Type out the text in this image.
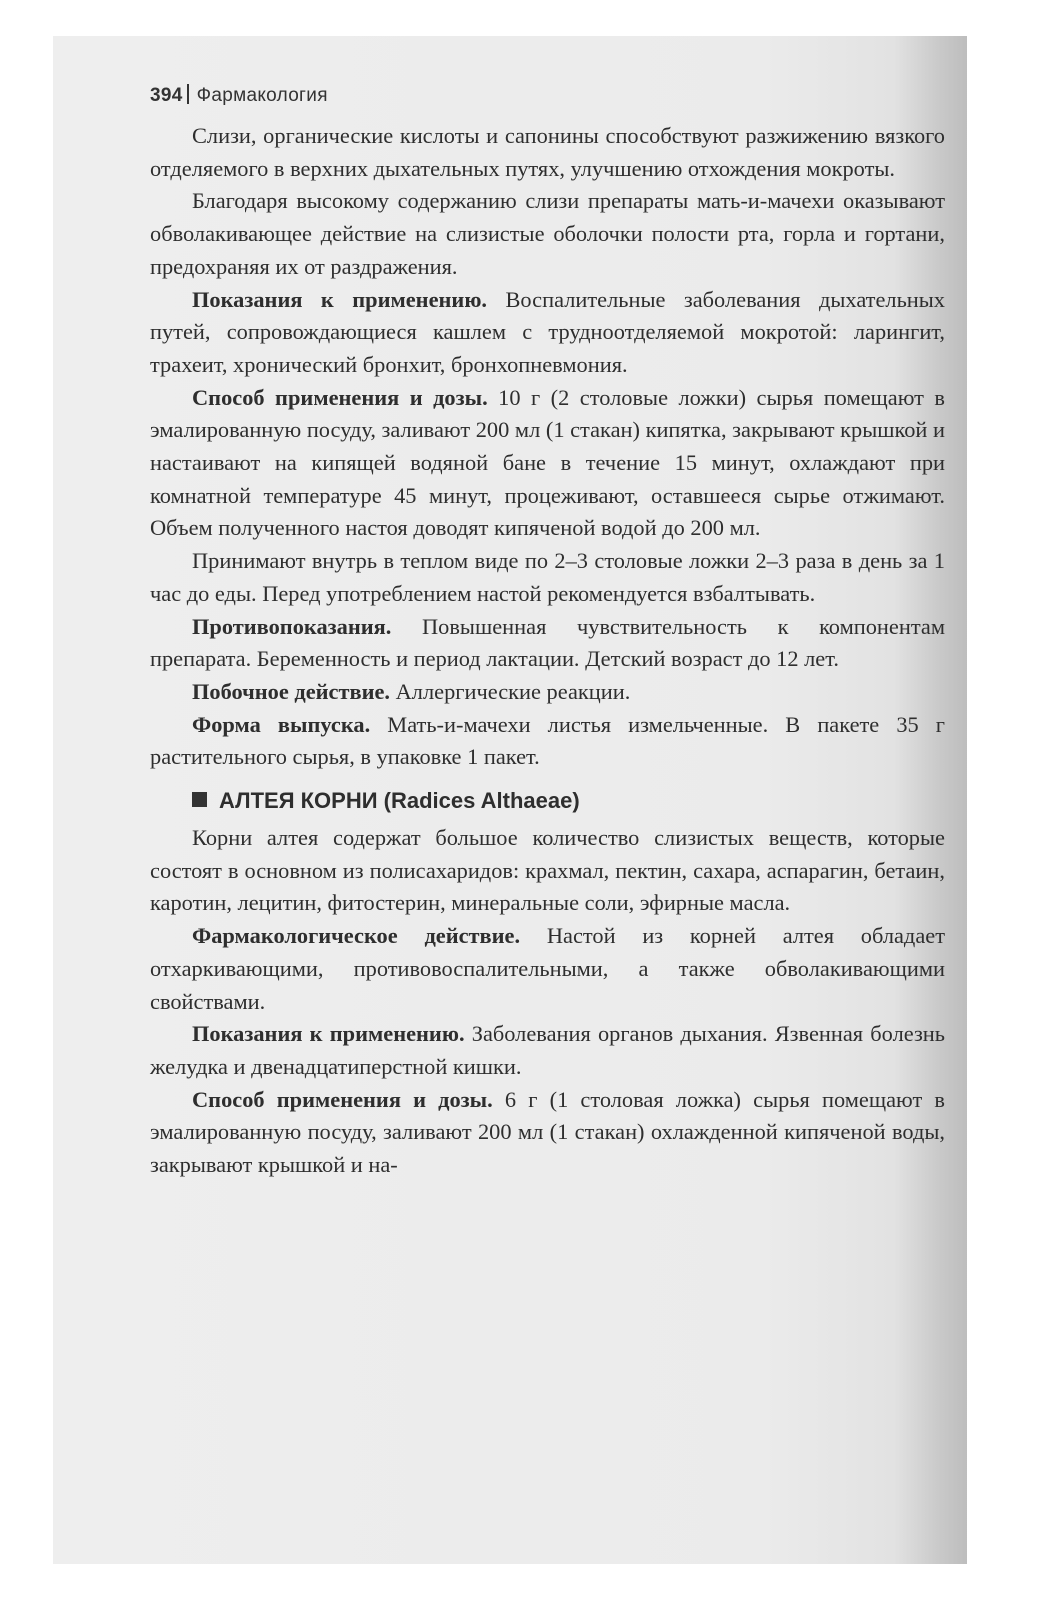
394 Фармакология

Слизи, органические кислоты и сапонины способствуют разжижению вязкого отделяемого в верхних дыхательных путях, улучшению отхождения мокроты.

Благодаря высокому содержанию слизи препараты мать-и-мачехи оказывают обволакивающее действие на слизистые оболочки полости рта, горла и гортани, предохраняя их от раздражения.

Показания к применению. Воспалительные заболевания дыхательных путей, сопровождающиеся кашлем с трудноотделяемой мокротой: ларингит, трахеит, хронический бронхит, бронхопневмония.

Способ применения и дозы. 10 г (2 столовые ложки) сырья помещают в эмалированную посуду, заливают 200 мл (1 стакан) кипятка, закрывают крышкой и настаивают на кипящей водяной бане в течение 15 минут, охлаждают при комнатной температуре 45 минут, процеживают, оставшееся сырье отжимают. Объем полученного настоя доводят кипяченой водой до 200 мл.

Принимают внутрь в теплом виде по 2–3 столовые ложки 2–3 раза в день за 1 час до еды. Перед употреблением настой рекомендуется взбалтывать.

Противопоказания. Повышенная чувствительность к компонентам препарата. Беременность и период лактации. Детский возраст до 12 лет.

Побочное действие. Аллергические реакции.

Форма выпуска. Мать-и-мачехи листья измельченные. В пакете 35 г растительного сырья, в упаковке 1 пакет.

АЛТЕЯ КОРНИ (Radices Althaeae)

Корни алтея содержат большое количество слизистых веществ, которые состоят в основном из полисахаридов: крахмал, пектин, сахара, аспарагин, бетаин, каротин, лецитин, фитостерин, минеральные соли, эфирные масла.

Фармакологическое действие. Настой из корней алтея обладает отхаркивающими, противовоспалительными, а также обволакивающими свойствами.

Показания к применению. Заболевания органов дыхания. Язвенная болезнь желудка и двенадцатиперстной кишки.

Способ применения и дозы. 6 г (1 столовая ложка) сырья помещают в эмалированную посуду, заливают 200 мл (1 стакан) охлажденной кипяченой воды, закрывают крышкой и на-
